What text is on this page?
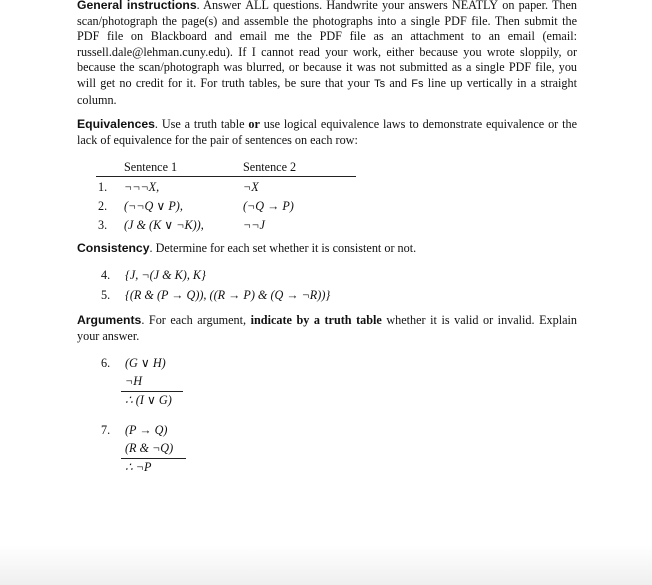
General instructions. Answer ALL questions. Handwrite your answers NEATLY on paper. Then scan/photograph the page(s) and assemble the photographs into a single PDF file. Then submit the PDF file on Blackboard and email me the PDF file as an attachment to an email (email: russell.dale@lehman.cuny.edu). If I cannot read your work, either because you wrote sloppily, or because the scan/photograph was blurred, or because it was not submitted as a single PDF file, you will get no credit for it. For truth tables, be sure that your Ts and Fs line up vertically in a straight column.
Equivalences. Use a truth table or use logical equivalence laws to demonstrate equivalence or the lack of equivalence for the pair of sentences on each row:
Sentence 1	Sentence 2
1. ¬¬¬X,	¬X
2. (¬¬Q ∨ P),	(¬Q → P)
3. (J & (K ∨ ¬K)),	¬¬J
Consistency. Determine for each set whether it is consistent or not.
4. {J, ¬(J & K), K}
5. {(R & (P → Q)), ((R → P) & (Q → ¬R))}
Arguments. For each argument, indicate by a truth table whether it is valid or invalid. Explain your answer.
6. (G ∨ H)
¬H
∴ (I ∨ G)
7. (P → Q)
(R & ¬Q)
∴ ¬P
